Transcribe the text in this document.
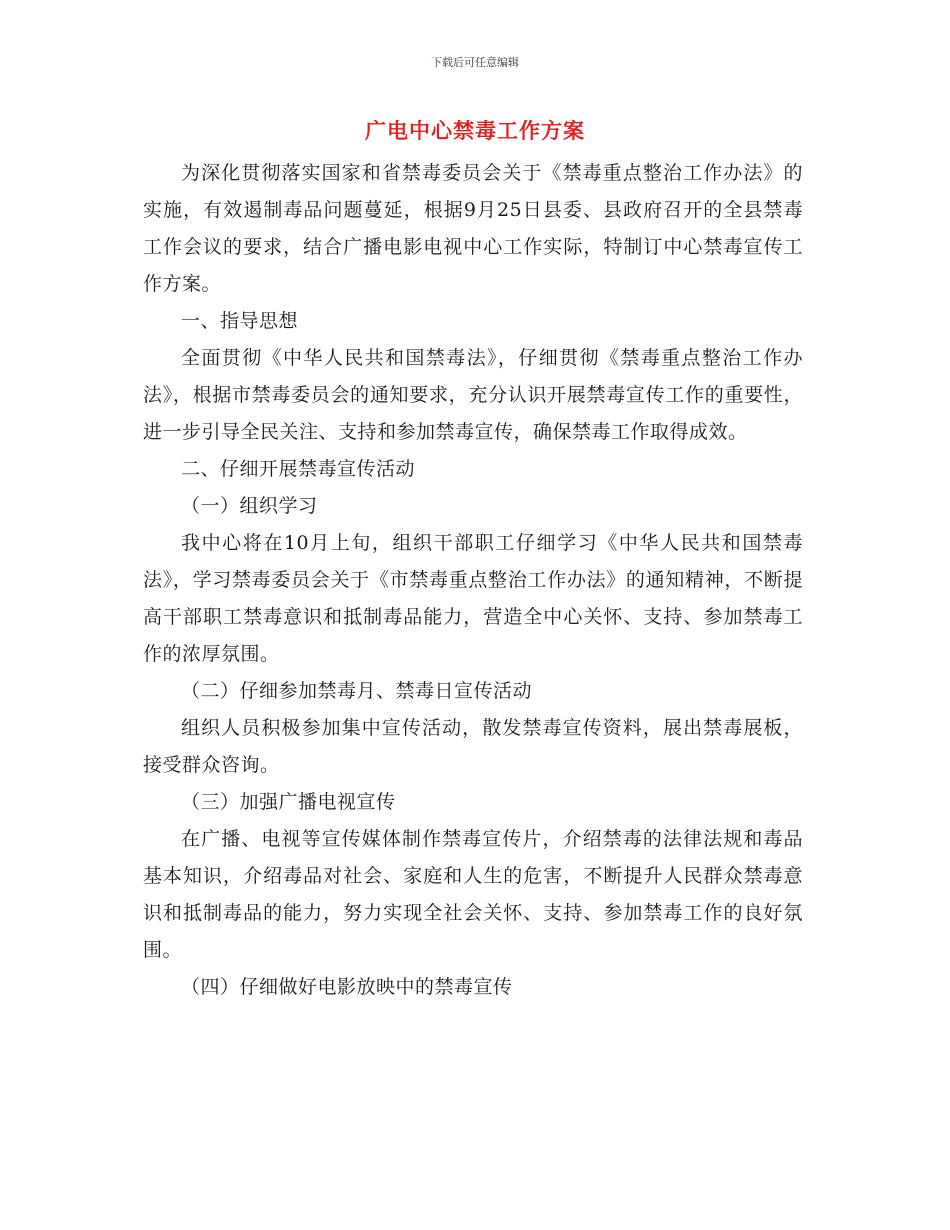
下载后可任意编辑
广电中心禁毒工作方案

为深化贯彻落实国家和省禁毒委员会关于《禁毒重点整治工作办法》的实施，有效遏制毒品问题蔓延，根据9月25日县委、县政府召开的全县禁毒工作会议的要求，结合广播电影电视中心工作实际，特制订中心禁毒宣传工作方案。

一、指导思想

全面贯彻《中华人民共和国禁毒法》，仔细贯彻《禁毒重点整治工作办法》，根据市禁毒委员会的通知要求，充分认识开展禁毒宣传工作的重要性，进一步引导全民关注、支持和参加禁毒宣传，确保禁毒工作取得成效。

二、仔细开展禁毒宣传活动

（一）组织学习

我中心将在10月上旬，组织干部职工仔细学习《中华人民共和国禁毒法》，学习禁毒委员会关于《市禁毒重点整治工作办法》的通知精神，不断提高干部职工禁毒意识和抵制毒品能力，营造全中心关怀、支持、参加禁毒工作的浓厚氛围。

（二）仔细参加禁毒月、禁毒日宣传活动

组织人员积极参加集中宣传活动，散发禁毒宣传资料，展出禁毒展板，接受群众咨询。

（三）加强广播电视宣传

在广播、电视等宣传媒体制作禁毒宣传片，介绍禁毒的法律法规和毒品基本知识，介绍毒品对社会、家庭和人生的危害，不断提升人民群众禁毒意识和抵制毒品的能力，努力实现全社会关怀、支持、参加禁毒工作的良好氛围。

（四）仔细做好电影放映中的禁毒宣传
